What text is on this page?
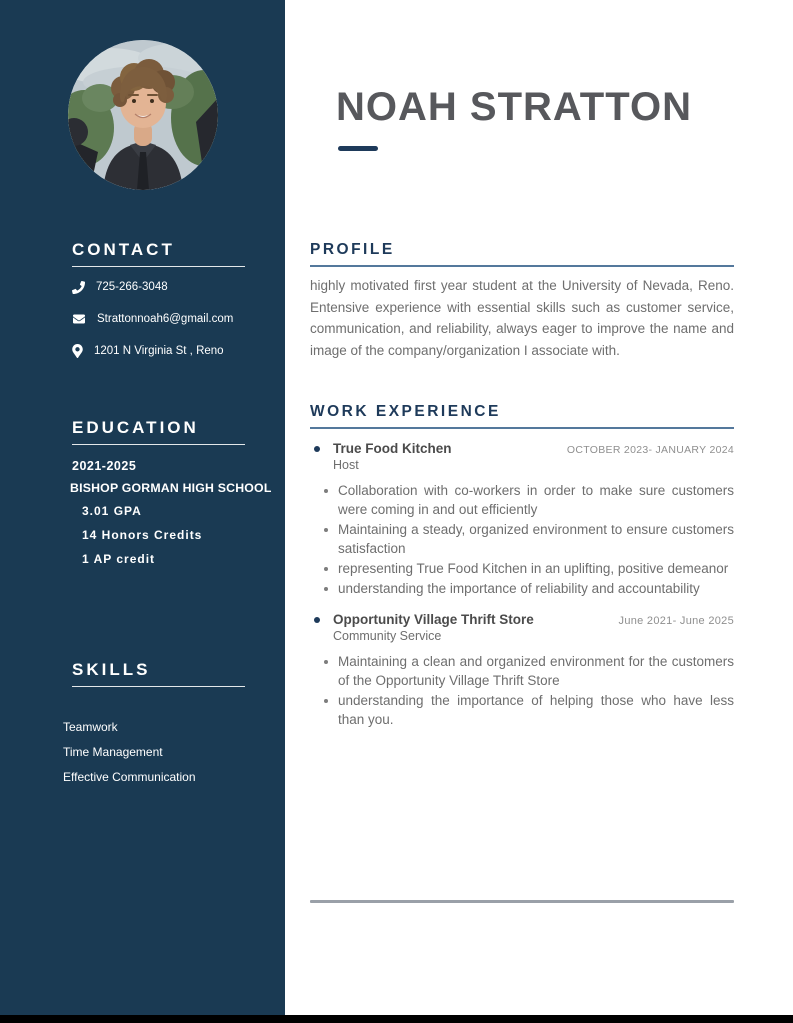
CONTACT
725-266-3048
Strattonnoah6@gmail.com
1201 N Virginia St , Reno
EDUCATION
2021-2025
BISHOP GORMAN HIGH SCHOOL
3.01 GPA
14 Honors Credits
1 AP credit
SKILLS
Teamwork
Time Management
Effective Communication
NOAH STRATTON
PROFILE

highly motivated first year student at the University of Nevada, Reno. Entensive experience with essential skills such as customer service, communication, and reliability, always eager to improve the name and image of the company/organization I associate with.

WORK EXPERIENCE
True Food Kitchen
Host
OCTOBER 2023- JANUARY 2024
Collaboration with co-workers in order to make sure customers were coming in and out efficiently
Maintaining a steady, organized environment to ensure customers satisfaction
representing True Food Kitchen in an uplifting, positive demeanor
understanding the importance of reliability and accountability
Opportunity Village Thrift Store
Community Service
June 2021- June 2025
Maintaining a clean and organized environment for the customers of the Opportunity Village Thrift Store
understanding the importance of helping those who have less than you.
